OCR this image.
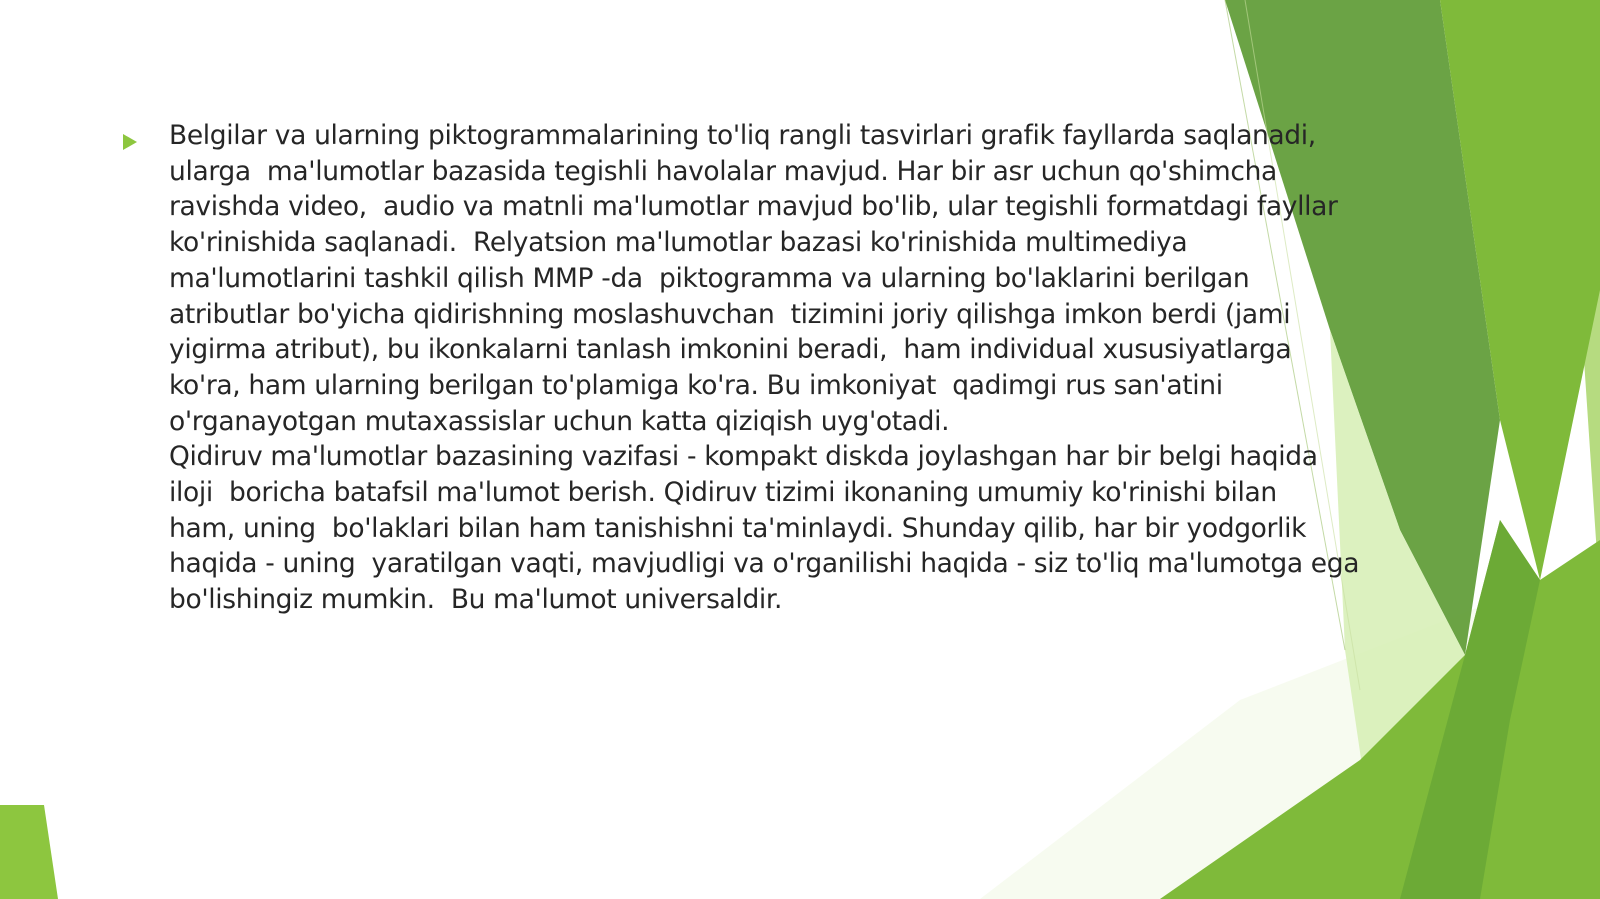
Belgilar va ularning piktogrammalarining to'liq rangli tasvirlari grafik fayllarda saqlanadi,
ularga  ma'lumotlar bazasida tegishli havolalar mavjud. Har bir asr uchun qo'shimcha
ravishda video,  audio va matnli ma'lumotlar mavjud bo'lib, ular tegishli formatdagi fayllar
ko'rinishida saqlanadi.  Relyatsion ma'lumotlar bazasi ko'rinishida multimediya
ma'lumotlarini tashkil qilish MMP -da  piktogramma va ularning bo'laklarini berilgan
atributlar bo'yicha qidirishning moslashuvchan  tizimini joriy qilishga imkon berdi (jami
yigirma atribut), bu ikonkalarni tanlash imkonini beradi,  ham individual xususiyatlarga
ko'ra, ham ularning berilgan to'plamiga ko'ra. Bu imkoniyat  qadimgi rus san'atini
o'rganayotgan mutaxassislar uchun katta qiziqish uyg'otadi.

Qidiruv ma'lumotlar bazasining vazifasi - kompakt diskda joylashgan har bir belgi haqida
iloji  boricha batafsil ma'lumot berish. Qidiruv tizimi ikonaning umumiy ko'rinishi bilan
ham, uning  bo'laklari bilan ham tanishishni ta'minlaydi. Shunday qilib, har bir yodgorlik
haqida - uning  yaratilgan vaqti, mavjudligi va o'rganilishi haqida - siz to'liq ma'lumotga ega
bo'lishingiz mumkin.  Bu ma'lumot universaldir.
